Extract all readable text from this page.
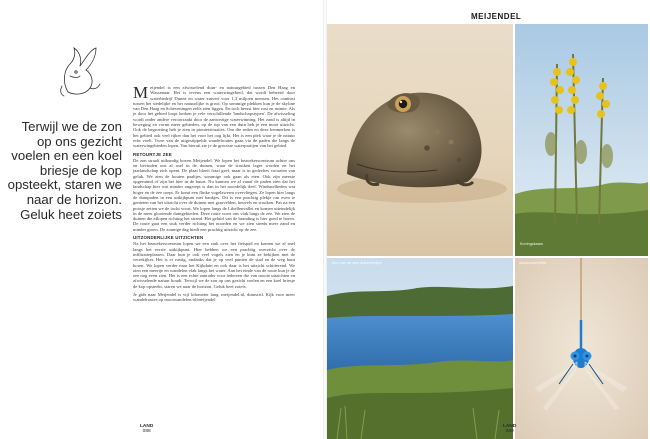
Terwijl we de zon op ons gezicht voelen en een koel briesje de kop opsteekt, staren we naar de horizon. Geluk heet zoiets

Meijendel is een afwisselend duin- en natuurgebied tussen Den Haag en Wassenaar. Het is tevens een waterwingebied, dat wordt beheerd door waterbedrijf Dunea en water zuivert voor 1,3 miljoen mensen. Het contrast tussen het stedelijke en het natuurlijke is groot. Op sommige plekken kun je de skyline van Den Haag en Scheveningen zelfs zien liggen. En toch heerst hier rust en ruimte. Als je door het gebied loopt herken je vele verschillende 'landschapstypen'. De afwisseling wordt onder andere veroorzaakt door de aanwezige waterwinning. Het zand is altijd in beweging en vormt meer gebieden, op de top van een duin heb je een mooi uitzicht. Ook de begroeiing heb je zien in pioniersituaties. Om die reden en deze kenmerken is het gebied ook veel rijker dan het voor het oog lijkt. Het is een plek waar je de natuur echt voelt. Twee van de uitgestippelde wandelroutes gaan via de paden die langs de waterwingebieden lopen. Van hieruit zie je de grootste waterpartijen van het gebied.

RETOURTJE ZEE

De zon straalt uitbundig boven Meijendel. We lopen het bezoekerscentrum achter ons en bevinden ons al snel in de duinen, waar de struiken lager worden en het jaarlandschap zich opent. De plaat bloeit fraai geel, maar is in gedeeltes voorzien van geluk. We zien de houten paaltjes, sommige ook gaan als eten. Ook zijn meeste opgeruimd of zijn het hier in de buurt. Nu kunnen we al vanaf de paden zien dat het landschap hier wat minder ongerept is dan in het noordelijk deel. Windsnelheden wat hoger en de zee roept. Er komt een flinke vogelzwerm overvliegen. Ze lopen hier langs de duinpaden in een uitkijkpunt met bankjes. Dit is een prachtig plekje om even te genieten van het uitzicht over de duinen met grasvelden, heuvels en struiken. Pas na een poosje zetten we de tocht voort. We lopen langs de Libellenvallei en komen uiteindelijk in de meer glooiende duingebieden. Deze route voert ons vlak langs de zee. We zien de duinen die aflopen richting het strand. Het geluid van de branding is hier goed te horen. De route gaat een stuk verder richting het noorden en we zien steeds meer zand en minder groen. De zonnige dag biedt een prachtig uitzicht op de zee.

UITZONDERLIJKE UITZICHTEN

Na het bezoekerscentrum lopen we een stuk over het fietspad en komen we al snel langs het eerste uitkijkpunt. Hier hebben we een prachtig overzicht over de infiltratieplassen. Daar kun je ook veel vogels zien en je kunt ze bekijken met de verrekijker. Het is er rustig, ondanks dat je op veel punten de stad en de weg kunt horen. We lopen verder naar het Kijkduin en ook daar is het uitzicht schitterend. We zien een meertje en wandelen vlak langs het water. Aan het einde van de route kun je de zee nog even zien. Het is een echte aanrader voor iedereen die van mooie uitzichten en afwisselende natuur houdt. Terwijl we de zon op ons gezicht voelen en een koel briesje de kop opsteekt, staren we naar de horizon. Geluk heet zoiets.

Je gids naar Meijendel is vijf kilometer lang. meijendel.nl, dunea.nl. Kijk voor meer wandelroutes op mooiwandelen.nl/meijendel

LAND
088
MEIJENDEL
Koningskaars
Een van de vele duinmeertjes	Azuurwaterjuffer
LAND
089
